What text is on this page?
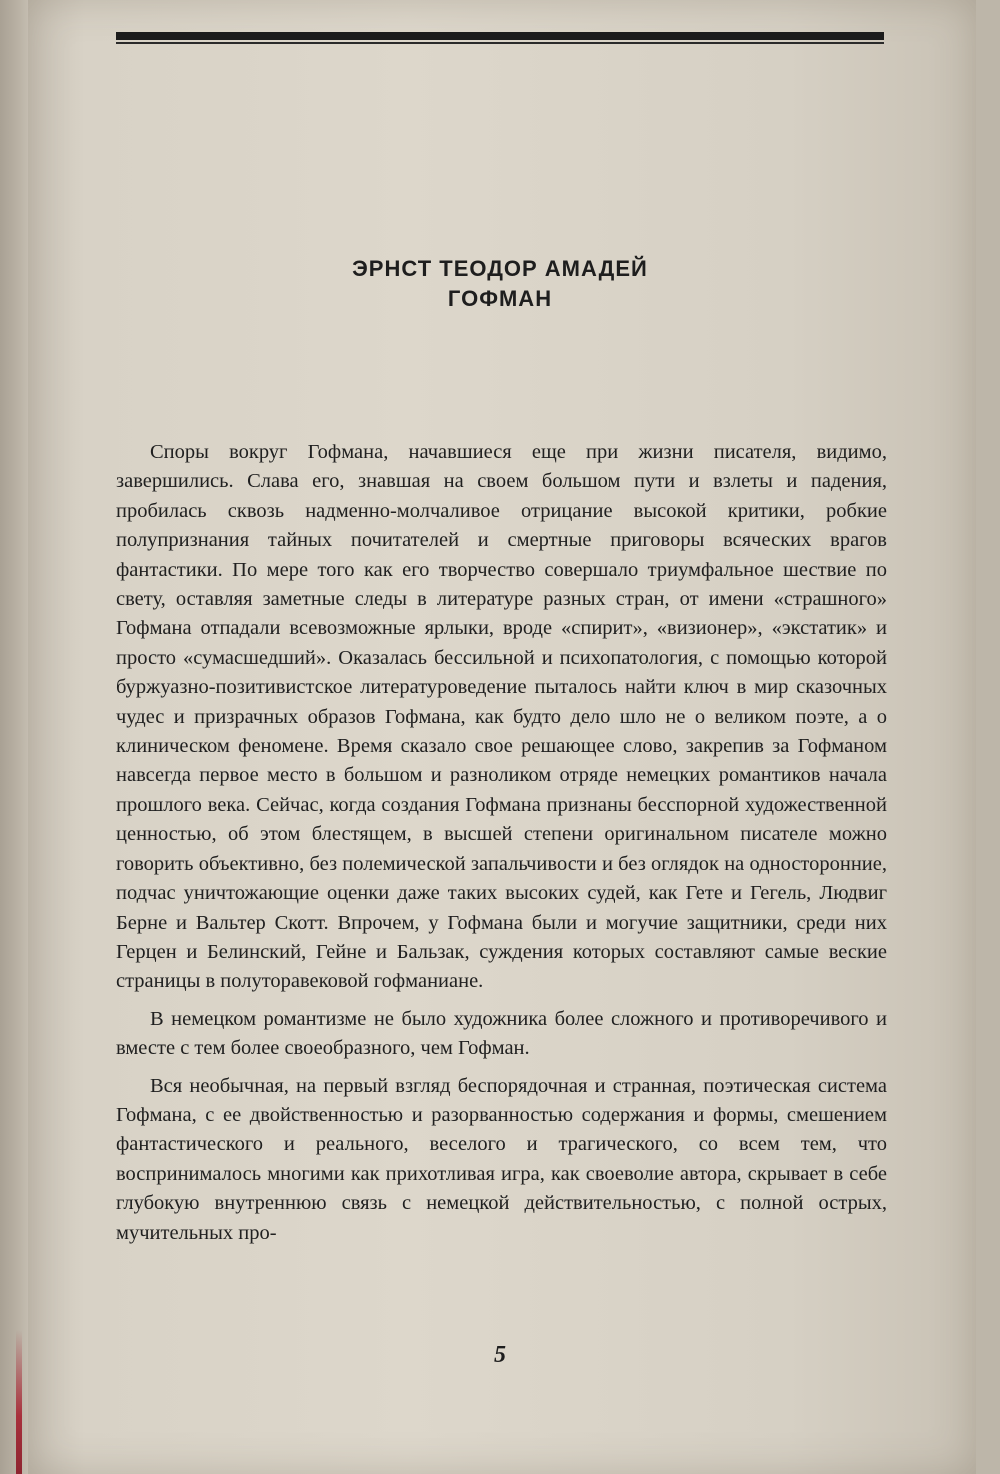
ЭРНСТ ТЕОДОР АМАДЕЙ
ГОФМАН

Споры вокруг Гофмана, начавшиеся еще при жизни писателя, видимо, завершились. Слава его, знавшая на своем большом пути и взлеты и падения, пробилась сквозь надменно-молчаливое отрицание высокой критики, робкие полупризнания тайных почитателей и смертные приговоры всяческих врагов фантастики. По мере того как его творчество совершало триумфальное шествие по свету, оставляя заметные следы в литературе разных стран, от имени «страшного» Гофмана отпадали всевозможные ярлыки, вроде «спирит», «визионер», «экстатик» и просто «сумасшедший». Оказалась бессильной и психопатология, с помощью которой буржуазно-позитивистское литературоведение пыталось найти ключ в мир сказочных чудес и призрачных образов Гофмана, как будто дело шло не о великом поэте, а о клиническом феномене. Время сказало свое решающее слово, закрепив за Гофманом навсегда первое место в большом и разноликом отряде немецких романтиков начала прошлого века. Сейчас, когда создания Гофмана признаны бесспорной художественной ценностью, об этом блестящем, в высшей степени оригинальном писателе можно говорить объективно, без полемической запальчивости и без оглядок на односторонние, подчас уничтожающие оценки даже таких высоких судей, как Гете и Гегель, Людвиг Берне и Вальтер Скотт. Впрочем, у Гофмана были и могучие защитники, среди них Герцен и Белинский, Гейне и Бальзак, суждения которых составляют самые веские страницы в полуторавековой гофманиане.

В немецком романтизме не было художника более сложного и противоречивого и вместе с тем более своеобразного, чем Гофман.

Вся необычная, на первый взгляд беспорядочная и странная, поэтическая система Гофмана, с ее двойственностью и разорванностью содержания и формы, смешением фантастического и реального, веселого и трагического, со всем тем, что воспринималось многими как прихотливая игра, как своеволие автора, скрывает в себе глубокую внутреннюю связь с немецкой действительностью, с полной острых, мучительных про-

5
